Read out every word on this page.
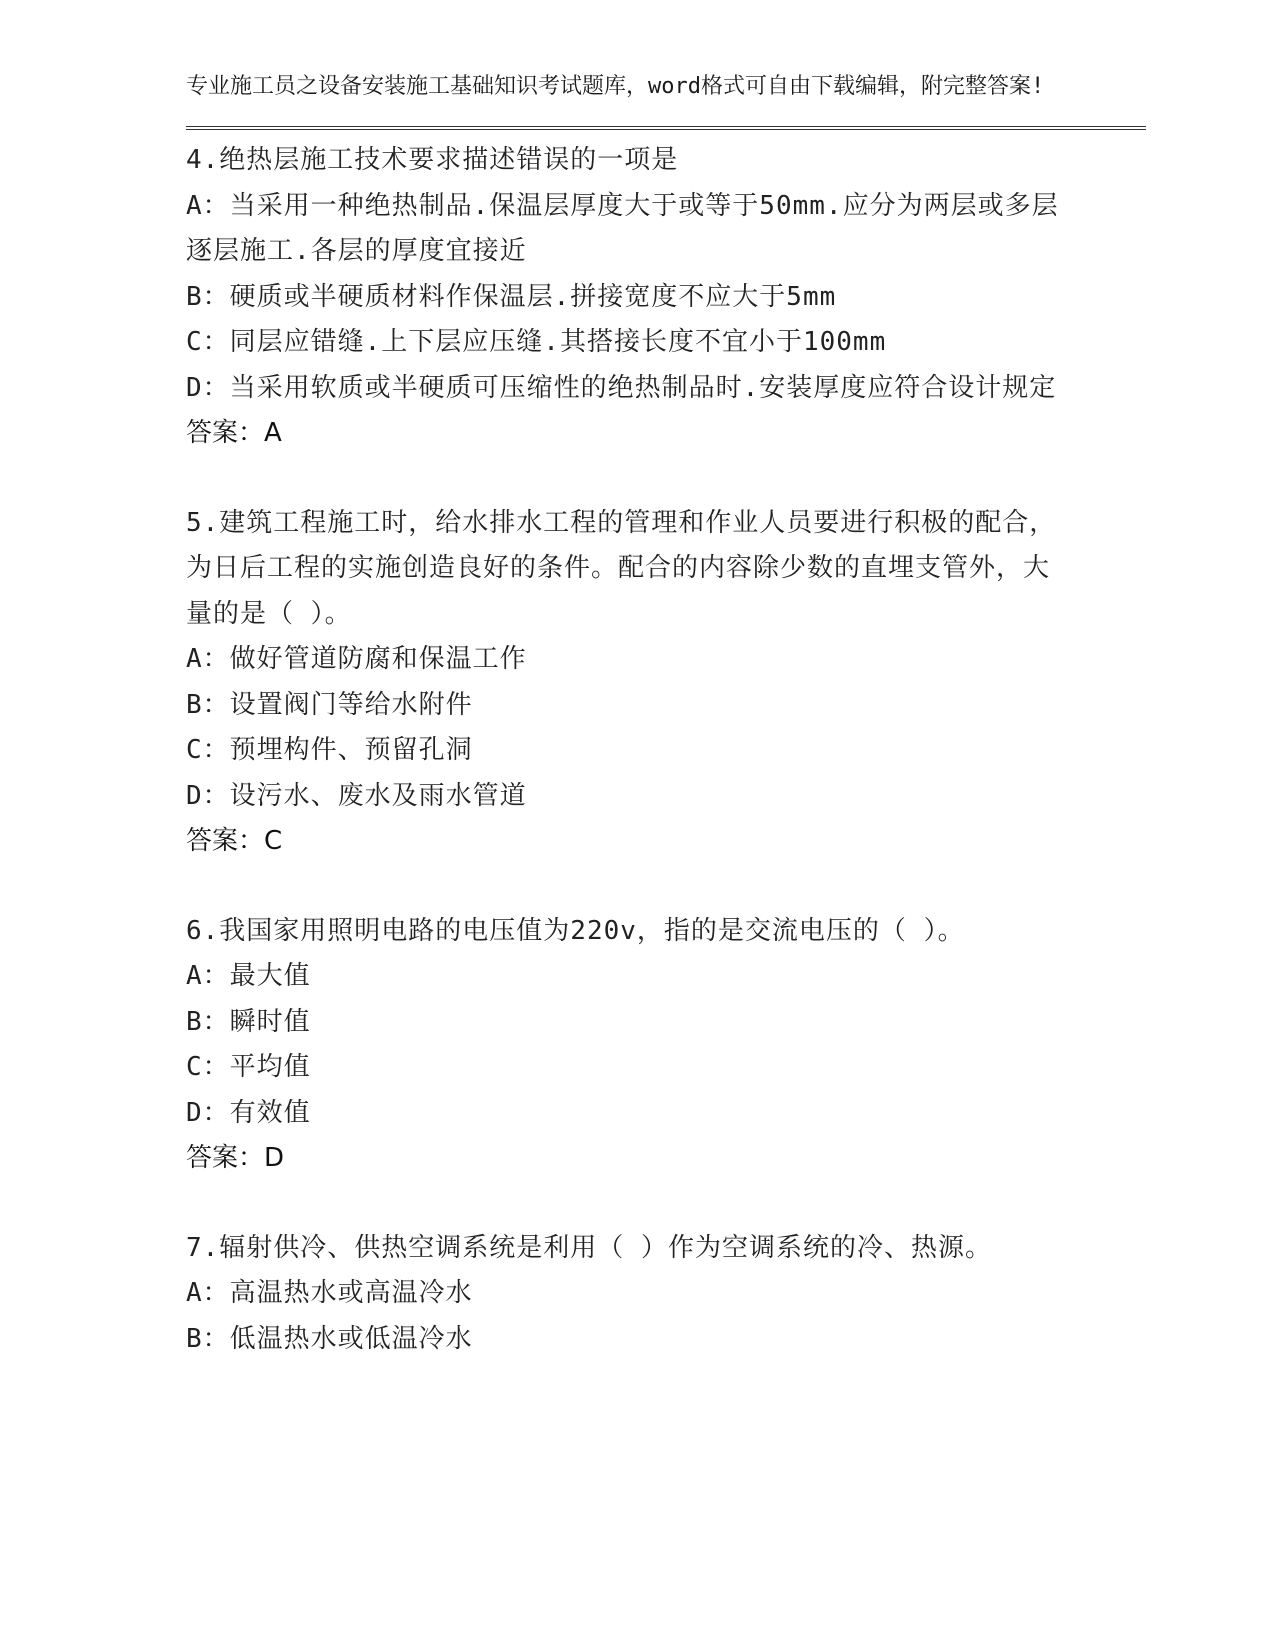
专业施工员之设备安装施工基础知识考试题库，word格式可自由下载编辑，附完整答案!
4.绝热层施工技术要求描述错误的一项是
A：当采用一种绝热制品.保温层厚度大于或等于50mm.应分为两层或多层逐层施工.各层的厚度宜接近
B：硬质或半硬质材料作保温层.拼接宽度不应大于5mm
C：同层应错缝.上下层应压缝.其搭接长度不宜小于100mm
D：当采用软质或半硬质可压缩性的绝热制品时.安装厚度应符合设计规定
答案：A
5.建筑工程施工时，给水排水工程的管理和作业人员要进行积极的配合，为日后工程的实施创造良好的条件。配合的内容除少数的直埋支管外，大量的是（ ）。
A：做好管道防腐和保温工作
B：设置阀门等给水附件
C：预埋构件、预留孔洞
D：设污水、废水及雨水管道
答案：C
6.我国家用照明电路的电压值为220v，指的是交流电压的（ ）。
A：最大值
B：瞬时值
C：平均值
D：有效值
答案：D
7.辐射供冷、供热空调系统是利用（ ）作为空调系统的冷、热源。
A：高温热水或高温冷水
B：低温热水或低温冷水
